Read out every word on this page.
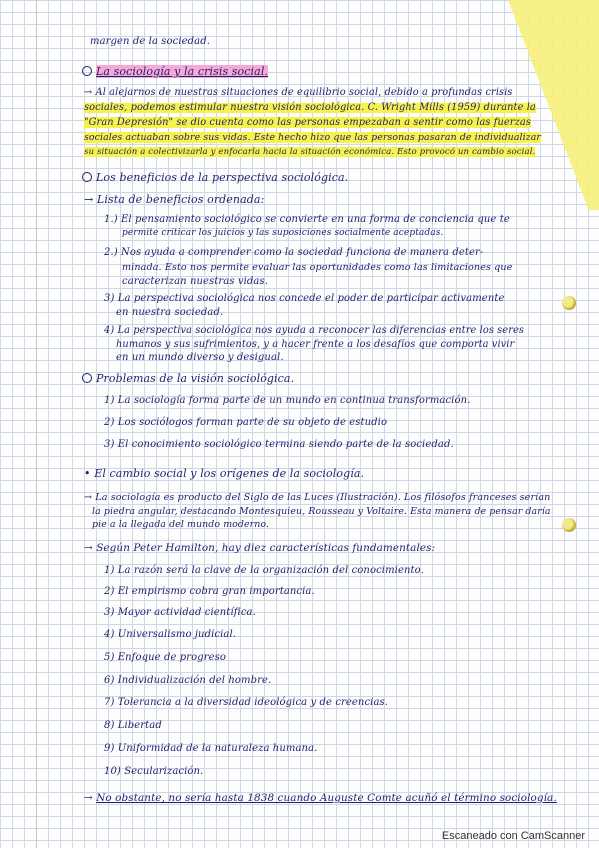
margen de la sociedad.
La sociología y la crisis social.
→ Al alejarnos de nuestras situaciones de equilibrio social, debido a profundas crisis
sociales, podemos estimular nuestra visión sociológica. C. Wright Mills (1959) durante la
"Gran Depresión" se dio cuenta como las personas empezaban a sentir como las fuerzas
sociales actuaban sobre sus vidas. Este hecho hizo que las personas pasaran de individualizar
su situación a colectivizarla y enfocarla hacia la situación económica. Esto provocó un cambio social.
Los beneficios de la perspectiva sociológica.
→ Lista de beneficios ordenada:
1.) El pensamiento sociológico se convierte en una forma de conciencia que te
permite criticar los juicios y las suposiciones socialmente aceptadas.
2.) Nos ayuda a comprender como la sociedad funciona de manera deter-
minada. Esto nos permite evaluar las oportunidades como las limitaciones que
caracterizan nuestras vidas.
3) La perspectiva sociológica nos concede el poder de participar activamente
en nuestra sociedad.
4) La perspectiva sociológica nos ayuda a reconocer las diferencias entre los seres
humanos y sus sufrimientos, y a hacer frente a los desafíos que comporta vivir
en un mundo diverso y desigual.
Problemas de la visión sociológica.
1) La sociología forma parte de un mundo en continua transformación.
2) Los sociólogos forman parte de su objeto de estudio
3) El conocimiento sociológico termina siendo parte de la sociedad.
• El cambio social y los orígenes de la sociología.
→ La sociología es producto del Siglo de las Luces (Ilustración). Los filósofos franceses serían
la piedra angular, destacando Montesquieu, Rousseau y Voltaire. Esta manera de pensar daría
pie a la llegada del mundo moderno.
→ Según Peter Hamilton, hay diez características fundamentales:
1) La razón será la clave de la organización del conocimiento.
2) El empirismo cobra gran importancia.
3) Mayor actividad científica.
4) Universalismo judicial.
5) Enfoque de progreso
6) Individualización del hombre.
7) Tolerancia a la diversidad ideológica y de creencias.
8) Libertad
9) Uniformidad de la naturaleza humana.
10) Secularización.
→ No obstante, no sería hasta 1838 cuando Auguste Comte acuñó el término sociología.
Escaneado con CamScanner
